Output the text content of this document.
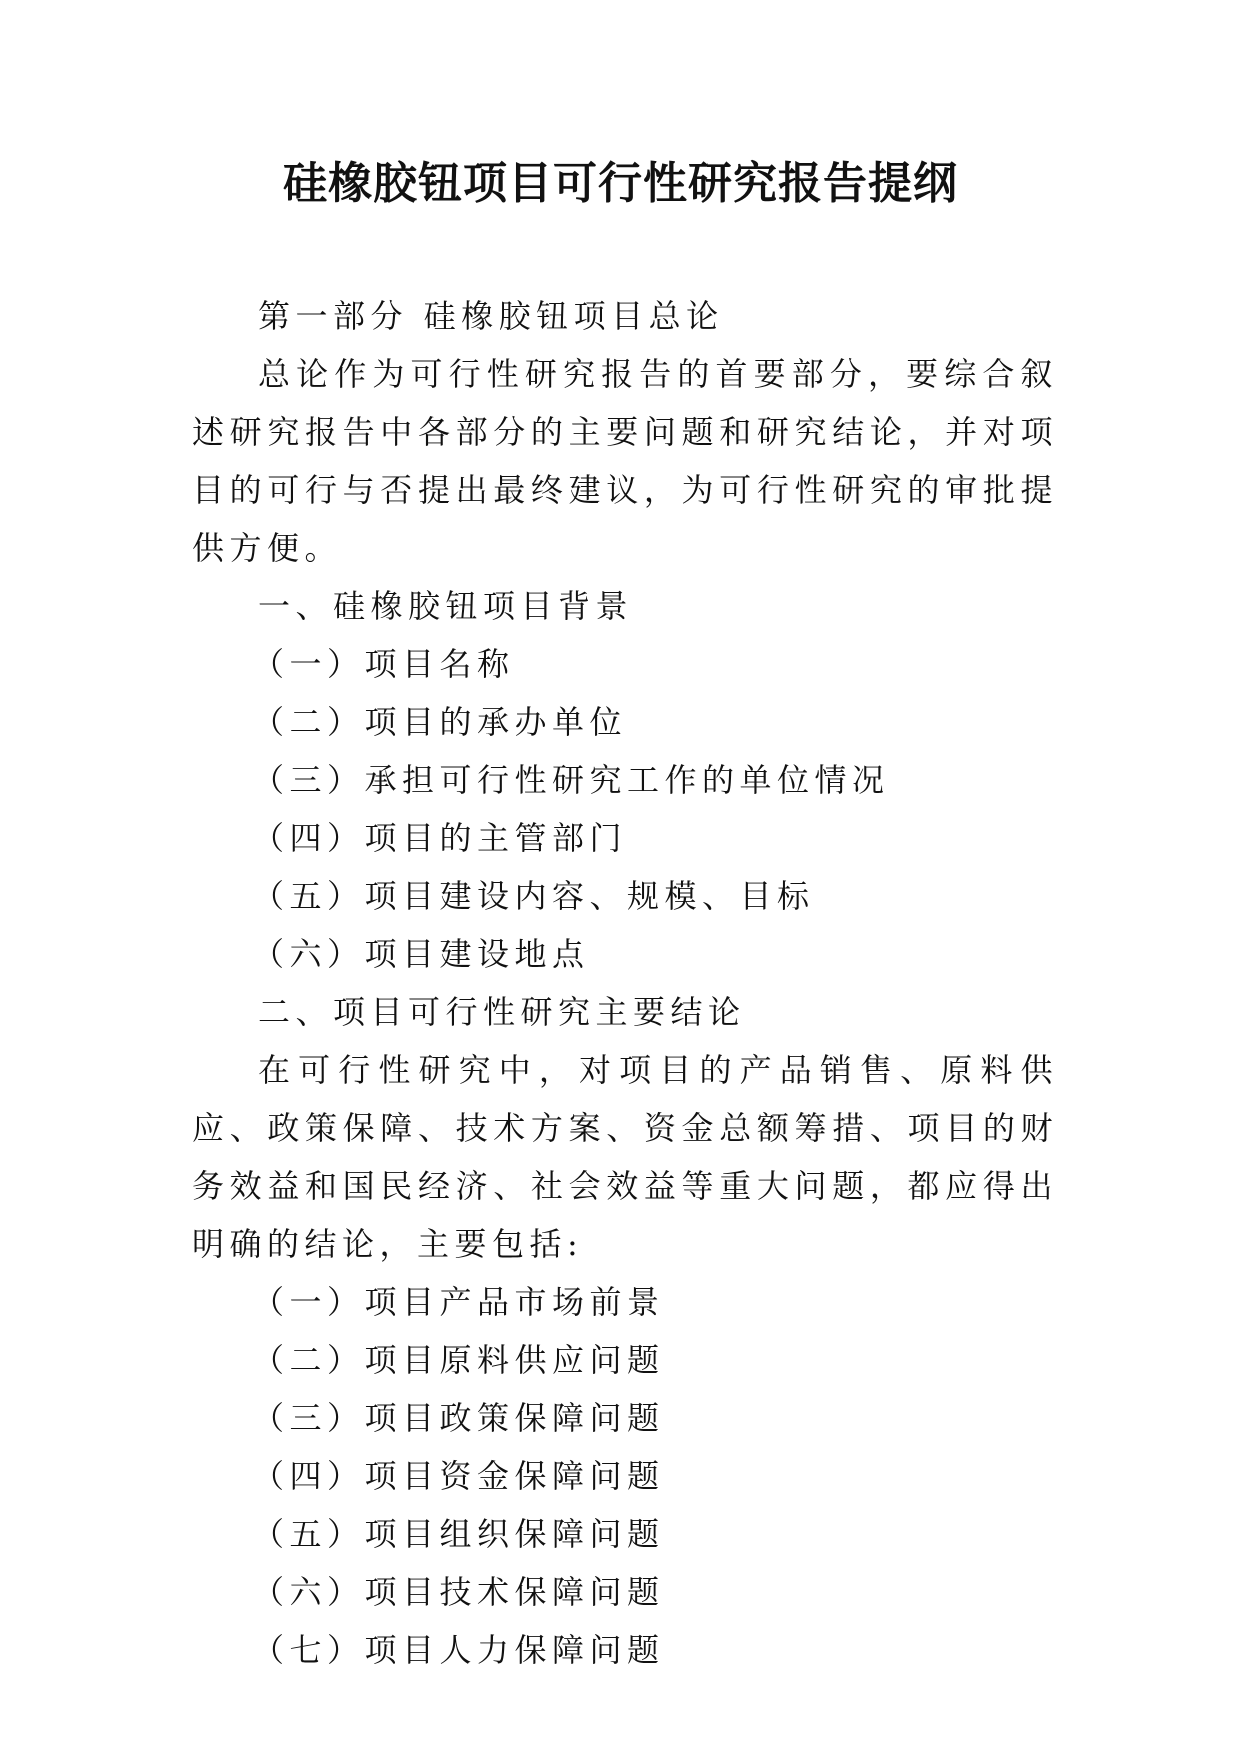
硅橡胶钮项目可行性研究报告提纲

第一部分 硅橡胶钮项目总论

总论作为可行性研究报告的首要部分，要综合叙述研究报告中各部分的主要问题和研究结论，并对项目的可行与否提出最终建议，为可行性研究的审批提供方便。

一、硅橡胶钮项目背景

（一）项目名称

（二）项目的承办单位

（三）承担可行性研究工作的单位情况

（四）项目的主管部门

（五）项目建设内容、规模、目标

（六）项目建设地点

二、项目可行性研究主要结论

在可行性研究中，对项目的产品销售、原料供应、政策保障、技术方案、资金总额筹措、项目的财务效益和国民经济、社会效益等重大问题，都应得出明确的结论，主要包括:

（一）项目产品市场前景

（二）项目原料供应问题

（三）项目政策保障问题

（四）项目资金保障问题

（五）项目组织保障问题

（六）项目技术保障问题

（七）项目人力保障问题
